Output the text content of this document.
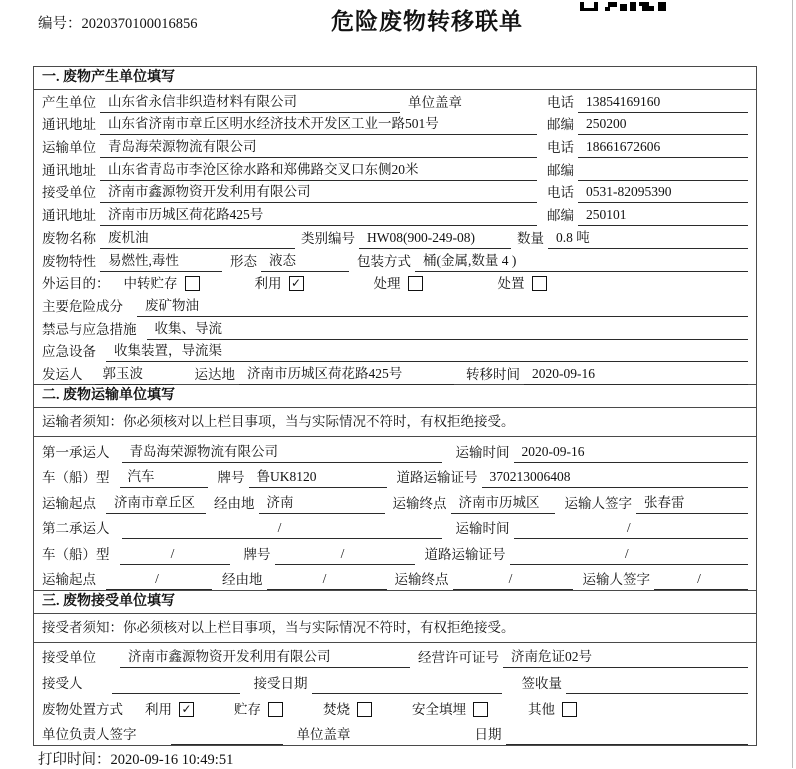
编号：2020370100016856	危险废物转移联单
一. 废物产生单位填写
产生单位 山东省永信非织造材料有限公司	单位盖章	电话 13854169160
通讯地址 山东省济南市章丘区明水经济技术开发区工业一路501号	邮编 250200
运输单位 青岛海荣源物流有限公司	电话 18661672606
通讯地址 山东省青岛市李沧区徐水路和郑佛路交叉口东侧20米	邮编
接受单位 济南市鑫源物资开发利用有限公司	电话 0531-82095390
通讯地址 济南市历城区荷花路425号	邮编 250101
废物名称 废机油	类别编号 HW08(900-249-08)	数量 0.8 吨
废物特性 易燃性,毒性	形态 液态	包装方式 桶(金属,数量 4 )
外运目的： 中转贮存	利用 ✓	处理	处置
主要危险成分	废矿物油
禁忌与应急措施	收集、导流
应急设备	收集装置，导流渠
发运人	郭玉波	运达地 济南市历城区荷花路425号	转移时间 2020-09-16
二. 废物运输单位填写
运输者须知：你必须核对以上栏目事项，当与实际情况不符时，有权拒绝接受。
第一承运人	青岛海荣源物流有限公司	运输时间 2020-09-16
车（船）型	汽车	牌号 鲁UK8120	道路运输证号 370213006408
运输起点	济南市章丘区	经由地 济南	运输终点 济南市历城区	运输人签字 张春雷
第二承运人	/	运输时间	/
车（船）型	/	牌号	/	道路运输证号	/
运输起点	/	经由地	/	运输终点	/	运输人签字	/
三. 废物接受单位填写
接受者须知：你必须核对以上栏目事项，当与实际情况不符时，有权拒绝接受。
接受单位	济南市鑫源物资开发利用有限公司	经营许可证号 济南危证02号
接受人	接受日期	签收量
废物处置方式 利用 ✓	贮存	焚烧	安全填埋	其他
单位负责人签字	单位盖章	日期
打印时间：2020-09-16 10:49:51
